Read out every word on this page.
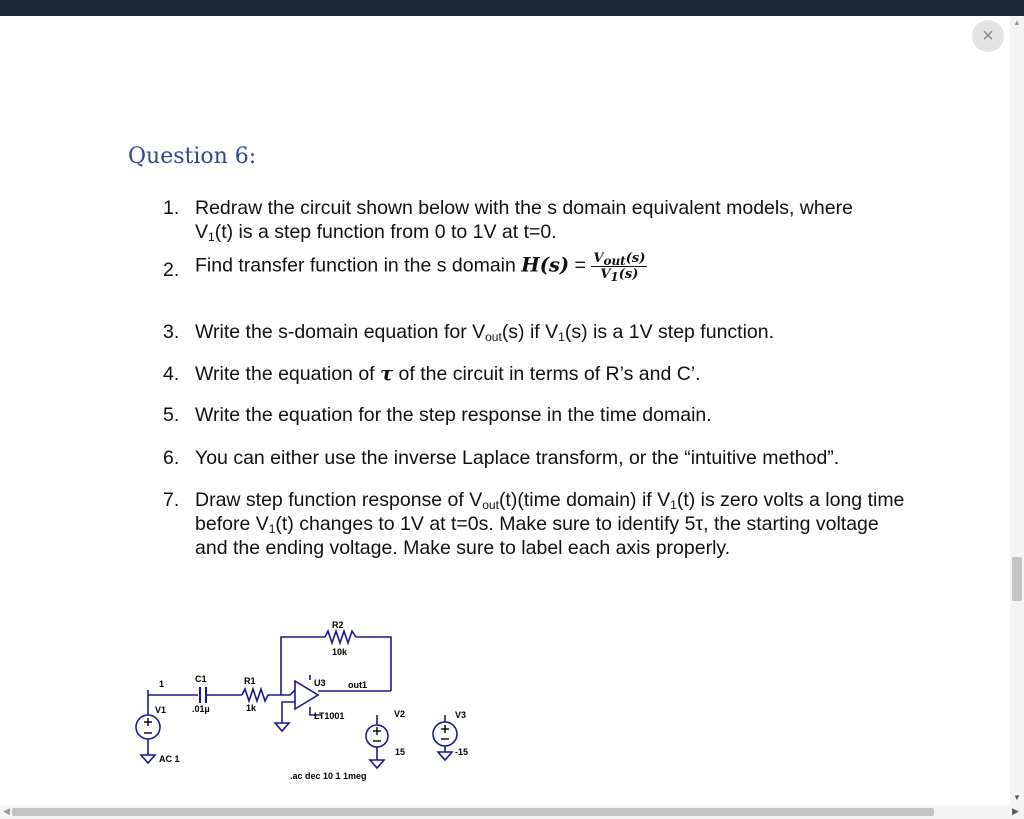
×
Question 6:
1. Redraw the circuit shown below with the s domain equivalent models, where
$V_1(t)$ is a step function from 0 to 1V at t=0.
2. Find transfer function in the s domain $H(s) = \frac{V_{out}(s)}{V_1(s)}$
3. Write the s-domain equation for $V_{out}(s)$ if $V_1(s)$ is a 1V step function.
4. Write the equation of τ of the circuit in terms of R’s and C’.
5. Write the equation for the step response in the time domain.
6. You can either use the inverse Laplace transform, or the “intuitive method”.
7. Draw step function response of $V_{out}(t)(time$ domain) if $V_1(t)$ is zero volts a long time
before $V_1(t)$ changes to 1V at t=0s. Make sure to identify 5τ, the starting voltage
and the ending voltage. Make sure to label each axis properly.
R2
10k
C1
.01µ
R1
1k
U3 out1
LT1001
1
V1
AC 1
V2
15
V3
-15
.ac dec 10 1 1meg
▲
▼
◀	▶
